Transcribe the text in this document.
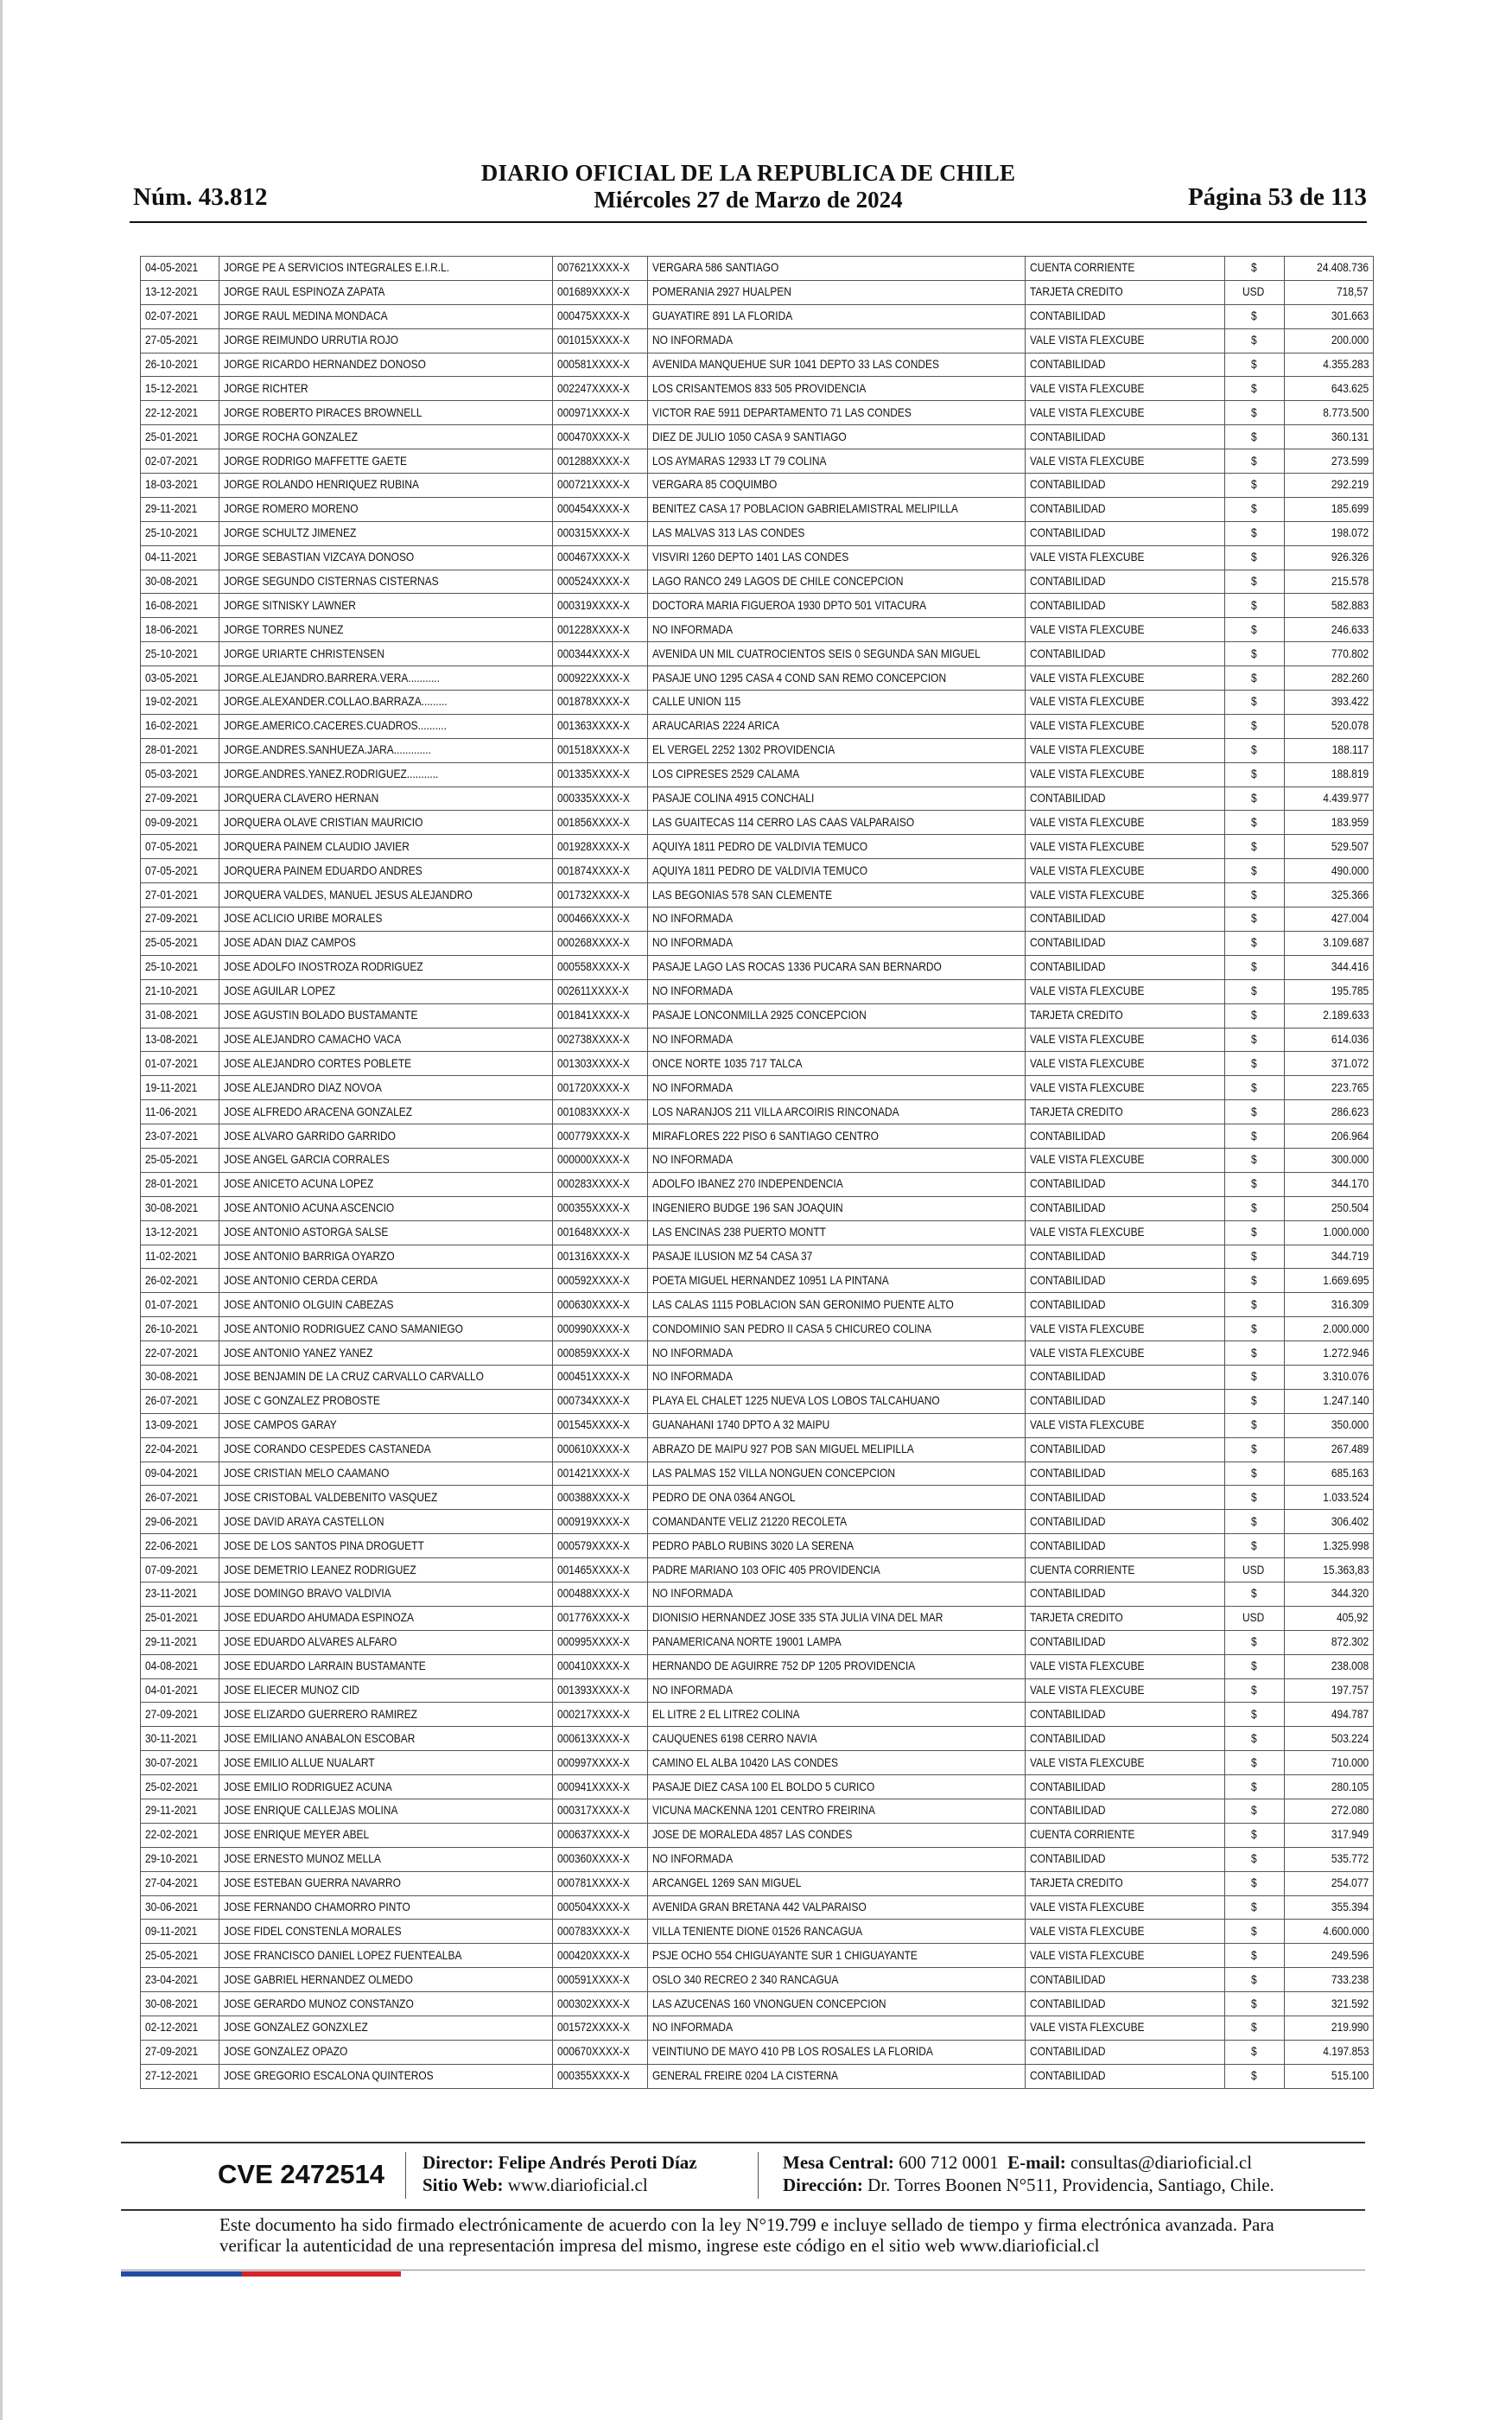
DIARIO OFICIAL DE LA REPUBLICA DE CHILE
Núm. 43.812	Miércoles 27 de Marzo de 2024	Página 53 de 113
04-05-2021	JORGE PE A SERVICIOS INTEGRALES E.I.R.L.	007621XXXX-X	VERGARA 586 SANTIAGO	CUENTA CORRIENTE	$	24.408.736
13-12-2021	JORGE RAUL ESPINOZA ZAPATA	001689XXXX-X	POMERANIA 2927 HUALPEN	TARJETA CREDITO	USD	718,57
02-07-2021	JORGE RAUL MEDINA MONDACA	000475XXXX-X	GUAYATIRE 891 LA FLORIDA	CONTABILIDAD	$	301.663
27-05-2021	JORGE REIMUNDO URRUTIA ROJO	001015XXXX-X	NO INFORMADA	VALE VISTA FLEXCUBE	$	200.000
26-10-2021	JORGE RICARDO HERNANDEZ DONOSO	000581XXXX-X	AVENIDA MANQUEHUE SUR 1041 DEPTO 33 LAS CONDES	CONTABILIDAD	$	4.355.283
15-12-2021	JORGE RICHTER	002247XXXX-X	LOS CRISANTEMOS 833 505 PROVIDENCIA	VALE VISTA FLEXCUBE	$	643.625
22-12-2021	JORGE ROBERTO PIRACES BROWNELL	000971XXXX-X	VICTOR RAE 5911 DEPARTAMENTO 71 LAS CONDES	VALE VISTA FLEXCUBE	$	8.773.500
25-01-2021	JORGE ROCHA GONZALEZ	000470XXXX-X	DIEZ DE JULIO 1050 CASA 9 SANTIAGO	CONTABILIDAD	$	360.131
02-07-2021	JORGE RODRIGO MAFFETTE GAETE	001288XXXX-X	LOS AYMARAS 12933 LT 79 COLINA	VALE VISTA FLEXCUBE	$	273.599
18-03-2021	JORGE ROLANDO HENRIQUEZ RUBINA	000721XXXX-X	VERGARA 85 COQUIMBO	CONTABILIDAD	$	292.219
29-11-2021	JORGE ROMERO MORENO	000454XXXX-X	BENITEZ CASA 17 POBLACION GABRIELAMISTRAL MELIPILLA	CONTABILIDAD	$	185.699
25-10-2021	JORGE SCHULTZ JIMENEZ	000315XXXX-X	LAS MALVAS 313 LAS CONDES	CONTABILIDAD	$	198.072
04-11-2021	JORGE SEBASTIAN VIZCAYA DONOSO	000467XXXX-X	VISVIRI 1260 DEPTO 1401 LAS CONDES	VALE VISTA FLEXCUBE	$	926.326
30-08-2021	JORGE SEGUNDO CISTERNAS CISTERNAS	000524XXXX-X	LAGO RANCO 249 LAGOS DE CHILE CONCEPCION	CONTABILIDAD	$	215.578
16-08-2021	JORGE SITNISKY LAWNER	000319XXXX-X	DOCTORA MARIA FIGUEROA 1930 DPTO 501 VITACURA	CONTABILIDAD	$	582.883
18-06-2021	JORGE TORRES NUNEZ	001228XXXX-X	NO INFORMADA	VALE VISTA FLEXCUBE	$	246.633
25-10-2021	JORGE URIARTE CHRISTENSEN	000344XXXX-X	AVENIDA UN MIL CUATROCIENTOS SEIS 0 SEGUNDA SAN MIGUEL	CONTABILIDAD	$	770.802
03-05-2021	JORGE.ALEJANDRO.BARRERA.VERA...........	000922XXXX-X	PASAJE UNO 1295 CASA 4 COND SAN REMO CONCEPCION	VALE VISTA FLEXCUBE	$	282.260
19-02-2021	JORGE.ALEXANDER.COLLAO.BARRAZA.........	001878XXXX-X	CALLE UNION 115	VALE VISTA FLEXCUBE	$	393.422
16-02-2021	JORGE.AMERICO.CACERES.CUADROS..........	001363XXXX-X	ARAUCARIAS 2224 ARICA	VALE VISTA FLEXCUBE	$	520.078
28-01-2021	JORGE.ANDRES.SANHUEZA.JARA.............	001518XXXX-X	EL VERGEL 2252 1302 PROVIDENCIA	VALE VISTA FLEXCUBE	$	188.117
05-03-2021	JORGE.ANDRES.YANEZ.RODRIGUEZ...........	001335XXXX-X	LOS CIPRESES 2529 CALAMA	VALE VISTA FLEXCUBE	$	188.819
27-09-2021	JORQUERA CLAVERO HERNAN	000335XXXX-X	PASAJE COLINA 4915 CONCHALI	CONTABILIDAD	$	4.439.977
09-09-2021	JORQUERA OLAVE CRISTIAN MAURICIO	001856XXXX-X	LAS GUAITECAS 114 CERRO LAS CAAS VALPARAISO	VALE VISTA FLEXCUBE	$	183.959
07-05-2021	JORQUERA PAINEM CLAUDIO JAVIER	001928XXXX-X	AQUIYA 1811 PEDRO DE VALDIVIA TEMUCO	VALE VISTA FLEXCUBE	$	529.507
07-05-2021	JORQUERA PAINEM EDUARDO ANDRES	001874XXXX-X	AQUIYA 1811 PEDRO DE VALDIVIA TEMUCO	VALE VISTA FLEXCUBE	$	490.000
27-01-2021	JORQUERA VALDES, MANUEL JESUS ALEJANDRO	001732XXXX-X	LAS BEGONIAS 578 SAN CLEMENTE	VALE VISTA FLEXCUBE	$	325.366
27-09-2021	JOSE ACLICIO URIBE MORALES	000466XXXX-X	NO INFORMADA	CONTABILIDAD	$	427.004
25-05-2021	JOSE ADAN DIAZ CAMPOS	000268XXXX-X	NO INFORMADA	CONTABILIDAD	$	3.109.687
25-10-2021	JOSE ADOLFO INOSTROZA RODRIGUEZ	000558XXXX-X	PASAJE LAGO LAS ROCAS 1336 PUCARA SAN BERNARDO	CONTABILIDAD	$	344.416
21-10-2021	JOSE AGUILAR LOPEZ	002611XXXX-X	NO INFORMADA	VALE VISTA FLEXCUBE	$	195.785
31-08-2021	JOSE AGUSTIN BOLADO BUSTAMANTE	001841XXXX-X	PASAJE LONCONMILLA 2925 CONCEPCION	TARJETA CREDITO	$	2.189.633
13-08-2021	JOSE ALEJANDRO CAMACHO VACA	002738XXXX-X	NO INFORMADA	VALE VISTA FLEXCUBE	$	614.036
01-07-2021	JOSE ALEJANDRO CORTES POBLETE	001303XXXX-X	ONCE NORTE 1035 717 TALCA	VALE VISTA FLEXCUBE	$	371.072
19-11-2021	JOSE ALEJANDRO DIAZ NOVOA	001720XXXX-X	NO INFORMADA	VALE VISTA FLEXCUBE	$	223.765
11-06-2021	JOSE ALFREDO ARACENA GONZALEZ	001083XXXX-X	LOS NARANJOS 211 VILLA ARCOIRIS RINCONADA	TARJETA CREDITO	$	286.623
23-07-2021	JOSE ALVARO GARRIDO GARRIDO	000779XXXX-X	MIRAFLORES 222 PISO 6 SANTIAGO CENTRO	CONTABILIDAD	$	206.964
25-05-2021	JOSE ANGEL GARCIA CORRALES	000000XXXX-X	NO INFORMADA	VALE VISTA FLEXCUBE	$	300.000
28-01-2021	JOSE ANICETO ACUNA LOPEZ	000283XXXX-X	ADOLFO IBANEZ 270 INDEPENDENCIA	CONTABILIDAD	$	344.170
30-08-2021	JOSE ANTONIO ACUNA ASCENCIO	000355XXXX-X	INGENIERO BUDGE 196 SAN JOAQUIN	CONTABILIDAD	$	250.504
13-12-2021	JOSE ANTONIO ASTORGA SALSE	001648XXXX-X	LAS ENCINAS 238 PUERTO MONTT	VALE VISTA FLEXCUBE	$	1.000.000
11-02-2021	JOSE ANTONIO BARRIGA OYARZO	001316XXXX-X	PASAJE ILUSION MZ 54 CASA 37	CONTABILIDAD	$	344.719
26-02-2021	JOSE ANTONIO CERDA CERDA	000592XXXX-X	POETA MIGUEL HERNANDEZ 10951 LA PINTANA	CONTABILIDAD	$	1.669.695
01-07-2021	JOSE ANTONIO OLGUIN CABEZAS	000630XXXX-X	LAS CALAS 1115 POBLACION SAN GERONIMO PUENTE ALTO	CONTABILIDAD	$	316.309
26-10-2021	JOSE ANTONIO RODRIGUEZ CANO SAMANIEGO	000990XXXX-X	CONDOMINIO SAN PEDRO II CASA 5 CHICUREO COLINA	VALE VISTA FLEXCUBE	$	2.000.000
22-07-2021	JOSE ANTONIO YANEZ YANEZ	000859XXXX-X	NO INFORMADA	VALE VISTA FLEXCUBE	$	1.272.946
30-08-2021	JOSE BENJAMIN DE LA CRUZ CARVALLO CARVALLO	000451XXXX-X	NO INFORMADA	CONTABILIDAD	$	3.310.076
26-07-2021	JOSE C GONZALEZ PROBOSTE	000734XXXX-X	PLAYA EL CHALET 1225 NUEVA LOS LOBOS TALCAHUANO	CONTABILIDAD	$	1.247.140
13-09-2021	JOSE CAMPOS GARAY	001545XXXX-X	GUANAHANI 1740 DPTO A 32 MAIPU	VALE VISTA FLEXCUBE	$	350.000
22-04-2021	JOSE CORANDO CESPEDES CASTANEDA	000610XXXX-X	ABRAZO DE MAIPU 927 POB SAN MIGUEL MELIPILLA	CONTABILIDAD	$	267.489
09-04-2021	JOSE CRISTIAN MELO CAAMANO	001421XXXX-X	LAS PALMAS 152 VILLA NONGUEN CONCEPCION	CONTABILIDAD	$	685.163
26-07-2021	JOSE CRISTOBAL VALDEBENITO VASQUEZ	000388XXXX-X	PEDRO DE ONA 0364 ANGOL	CONTABILIDAD	$	1.033.524
29-06-2021	JOSE DAVID ARAYA CASTELLON	000919XXXX-X	COMANDANTE VELIZ 21220 RECOLETA	CONTABILIDAD	$	306.402
22-06-2021	JOSE DE LOS SANTOS PINA DROGUETT	000579XXXX-X	PEDRO PABLO RUBINS 3020 LA SERENA	CONTABILIDAD	$	1.325.998
07-09-2021	JOSE DEMETRIO LEANEZ RODRIGUEZ	001465XXXX-X	PADRE MARIANO 103 OFIC 405 PROVIDENCIA	CUENTA CORRIENTE	USD	15.363,83
23-11-2021	JOSE DOMINGO BRAVO VALDIVIA	000488XXXX-X	NO INFORMADA	CONTABILIDAD	$	344.320
25-01-2021	JOSE EDUARDO AHUMADA ESPINOZA	001776XXXX-X	DIONISIO HERNANDEZ JOSE 335 STA JULIA VINA DEL MAR	TARJETA CREDITO	USD	405,92
29-11-2021	JOSE EDUARDO ALVARES ALFARO	000995XXXX-X	PANAMERICANA NORTE 19001 LAMPA	CONTABILIDAD	$	872.302
04-08-2021	JOSE EDUARDO LARRAIN BUSTAMANTE	000410XXXX-X	HERNANDO DE AGUIRRE 752 DP 1205 PROVIDENCIA	VALE VISTA FLEXCUBE	$	238.008
04-01-2021	JOSE ELIECER MUNOZ CID	001393XXXX-X	NO INFORMADA	VALE VISTA FLEXCUBE	$	197.757
27-09-2021	JOSE ELIZARDO GUERRERO RAMIREZ	000217XXXX-X	EL LITRE 2 EL LITRE2 COLINA	CONTABILIDAD	$	494.787
30-11-2021	JOSE EMILIANO ANABALON ESCOBAR	000613XXXX-X	CAUQUENES 6198 CERRO NAVIA	CONTABILIDAD	$	503.224
30-07-2021	JOSE EMILIO ALLUE NUALART	000997XXXX-X	CAMINO EL ALBA 10420 LAS CONDES	VALE VISTA FLEXCUBE	$	710.000
25-02-2021	JOSE EMILIO RODRIGUEZ ACUNA	000941XXXX-X	PASAJE DIEZ CASA 100 EL BOLDO 5 CURICO	CONTABILIDAD	$	280.105
29-11-2021	JOSE ENRIQUE CALLEJAS MOLINA	000317XXXX-X	VICUNA MACKENNA 1201 CENTRO FREIRINA	CONTABILIDAD	$	272.080
22-02-2021	JOSE ENRIQUE MEYER ABEL	000637XXXX-X	JOSE DE MORALEDA 4857 LAS CONDES	CUENTA CORRIENTE	$	317.949
29-10-2021	JOSE ERNESTO MUNOZ MELLA	000360XXXX-X	NO INFORMADA	CONTABILIDAD	$	535.772
27-04-2021	JOSE ESTEBAN GUERRA NAVARRO	000781XXXX-X	ARCANGEL 1269 SAN MIGUEL	TARJETA CREDITO	$	254.077
30-06-2021	JOSE FERNANDO CHAMORRO PINTO	000504XXXX-X	AVENIDA GRAN BRETANA 442 VALPARAISO	VALE VISTA FLEXCUBE	$	355.394
09-11-2021	JOSE FIDEL CONSTENLA MORALES	000783XXXX-X	VILLA TENIENTE DIONE 01526 RANCAGUA	VALE VISTA FLEXCUBE	$	4.600.000
25-05-2021	JOSE FRANCISCO DANIEL LOPEZ FUENTEALBA	000420XXXX-X	PSJE OCHO 554 CHIGUAYANTE SUR 1 CHIGUAYANTE	VALE VISTA FLEXCUBE	$	249.596
23-04-2021	JOSE GABRIEL HERNANDEZ OLMEDO	000591XXXX-X	OSLO 340 RECREO 2 340 RANCAGUA	CONTABILIDAD	$	733.238
30-08-2021	JOSE GERARDO MUNOZ CONSTANZO	000302XXXX-X	LAS AZUCENAS 160 VNONGUEN CONCEPCION	CONTABILIDAD	$	321.592
02-12-2021	JOSE GONZALEZ GONZXLEZ	001572XXXX-X	NO INFORMADA	VALE VISTA FLEXCUBE	$	219.990
27-09-2021	JOSE GONZALEZ OPAZO	000670XXXX-X	VEINTIUNO DE MAYO 410 PB LOS ROSALES LA FLORIDA	CONTABILIDAD	$	4.197.853
27-12-2021	JOSE GREGORIO ESCALONA QUINTEROS	000355XXXX-X	GENERAL FREIRE 0204 LA CISTERNA	CONTABILIDAD	$	515.100
CVE 2472514 Director: Felipe Andrés Peroti Díaz
Sitio Web: www.diarioficial.cl
Mesa Central: 600 712 0001 E-mail: consultas@diarioficial.cl
Dirección: Dr. Torres Boonen N°511, Providencia, Santiago, Chile.
Este documento ha sido firmado electrónicamente de acuerdo con la ley N°19.799 e incluye sellado de tiempo y firma electrónica avanzada. Para verificar la autenticidad de una representación impresa del mismo, ingrese este código en el sitio web www.diarioficial.cl
